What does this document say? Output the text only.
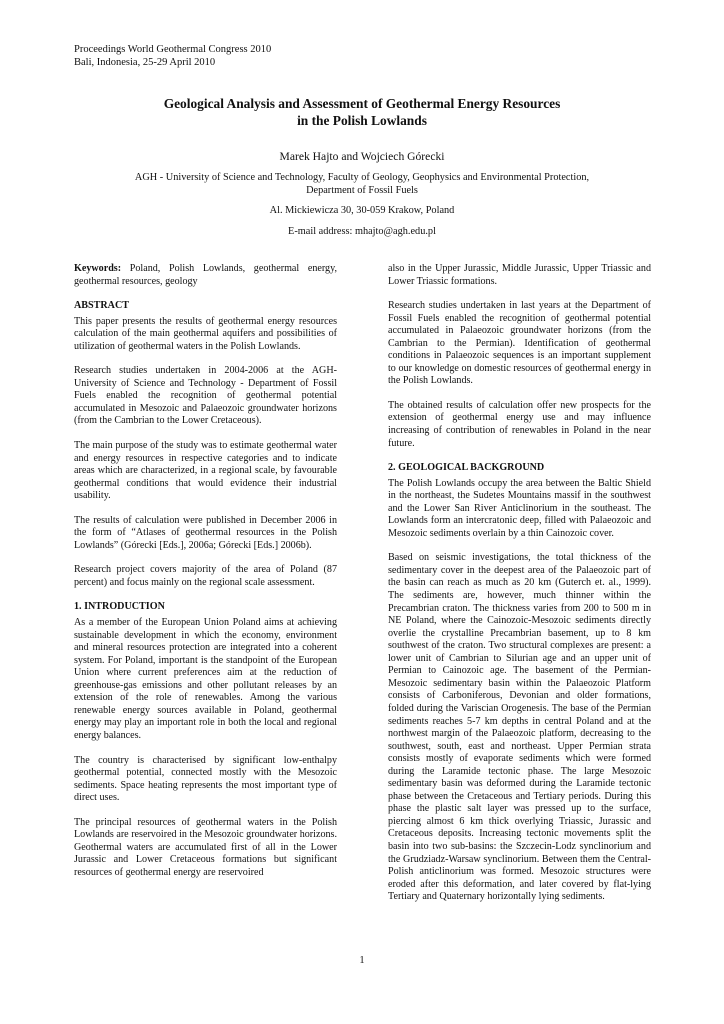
Proceedings World Geothermal Congress 2010
Bali, Indonesia, 25-29 April 2010
Geological Analysis and Assessment of Geothermal Energy Resources
in the Polish Lowlands
Marek Hajto and Wojciech Górecki
AGH - University of Science and Technology, Faculty of Geology, Geophysics and Environmental Protection,
Department of Fossil Fuels
Al. Mickiewicza 30, 30-059 Krakow, Poland
E-mail address: mhajto@agh.edu.pl

Keywords: Poland, Polish Lowlands, geothermal energy, geothermal resources, geology

ABSTRACT

This paper presents the results of geothermal energy resources calculation of the main geothermal aquifers and possibilities of utilization of geothermal waters in the Polish Lowlands.

Research studies undertaken in 2004-2006 at the AGH-University of Science and Technology - Department of Fossil Fuels enabled the recognition of geothermal potential accumulated in Mesozoic and Palaeozoic groundwater horizons (from the Cambrian to the Lower Cretaceous).

The main purpose of the study was to estimate geothermal water and energy resources in respective categories and to indicate areas which are characterized, in a regional scale, by favourable geothermal conditions that would evidence their industrial usability.

The results of calculation were published in December 2006 in the form of “Atlases of geothermal resources in the Polish Lowlands” (Górecki [Eds.], 2006a; Górecki [Eds.] 2006b).

Research project covers majority of the area of Poland (87 percent) and focus mainly on the regional scale assessment.

1. INTRODUCTION

As a member of the European Union Poland aims at achieving sustainable development in which the economy, environment and mineral resources protection are integrated into a coherent system. For Poland, important is the standpoint of the European Union where current preferences aim at the reduction of greenhouse-gas emissions and other pollutant releases by an extension of the role of renewables. Among the various renewable energy sources available in Poland, geothermal energy may play an important role in both the local and regional energy balances.

The country is characterised by significant low-enthalpy geothermal potential, connected mostly with the Mesozoic sediments. Space heating represents the most important type of direct uses.

The principal resources of geothermal waters in the Polish Lowlands are reservoired in the Mesozoic groundwater horizons. Geothermal waters are accumulated first of all in the Lower Jurassic and Lower Cretaceous formations but significant resources of geothermal energy are reservoired

also in the Upper Jurassic, Middle Jurassic, Upper Triassic and Lower Triassic formations.

Research studies undertaken in last years at the Department of Fossil Fuels enabled the recognition of geothermal potential accumulated in Palaeozoic groundwater horizons (from the Cambrian to the Permian). Identification of geothermal conditions in Palaeozoic sequences is an important supplement to our knowledge on domestic resources of geothermal energy in the Polish Lowlands.

The obtained results of calculation offer new prospects for the extension of geothermal energy use and may influence increasing of contribution of renewables in Poland in the near future.

2. GEOLOGICAL BACKGROUND

The Polish Lowlands occupy the area between the Baltic Shield in the northeast, the Sudetes Mountains massif in the southwest and the Lower San River Anticlinorium in the southeast. The Lowlands form an intercratonic deep, filled with Palaeozoic and Mesozoic sediments overlain by a thin Cainozoic cover.

Based on seismic investigations, the total thickness of the sedimentary cover in the deepest area of the Palaeozoic part of the basin can reach as much as 20 km (Guterch et. al., 1999). The sediments are, however, much thinner within the Precambrian craton. The thickness varies from 200 to 500 m in NE Poland, where the Cainozoic-Mesozoic sediments directly overlie the crystalline Precambrian basement, up to 8 km southwest of the craton. Two structural complexes are present: a lower unit of Cambrian to Silurian age and an upper unit of Permian to Cainozoic age. The basement of the Permian-Mesozoic sedimentary basin within the Palaeozoic Platform consists of Carboniferous, Devonian and older formations, folded during the Variscian Orogenesis. The base of the Permian sediments reaches 5-7 km depths in central Poland and at the northwest margin of the Palaeozoic platform, decreasing to the southwest, south, east and northeast. Upper Permian strata consists mostly of evaporate sediments which were formed during the Laramide tectonic phase. The large Mesozoic sedimentary basin was deformed during the Laramide tectonic phase between the Cretaceous and Tertiary periods. During this phase the plastic salt layer was pressed up to the surface, piercing almost 6 km thick overlying Triassic, Jurassic and Cretaceous deposits. Increasing tectonic movements split the basin into two sub-basins: the Szczecin-Lodz synclinorium and the Grudziadz-Warsaw synclinorium. Between them the Central-Polish anticlinorium was formed. Mesozoic structures were eroded after this deformation, and later covered by flat-lying Tertiary and Quaternary horizontally lying sediments.

1
